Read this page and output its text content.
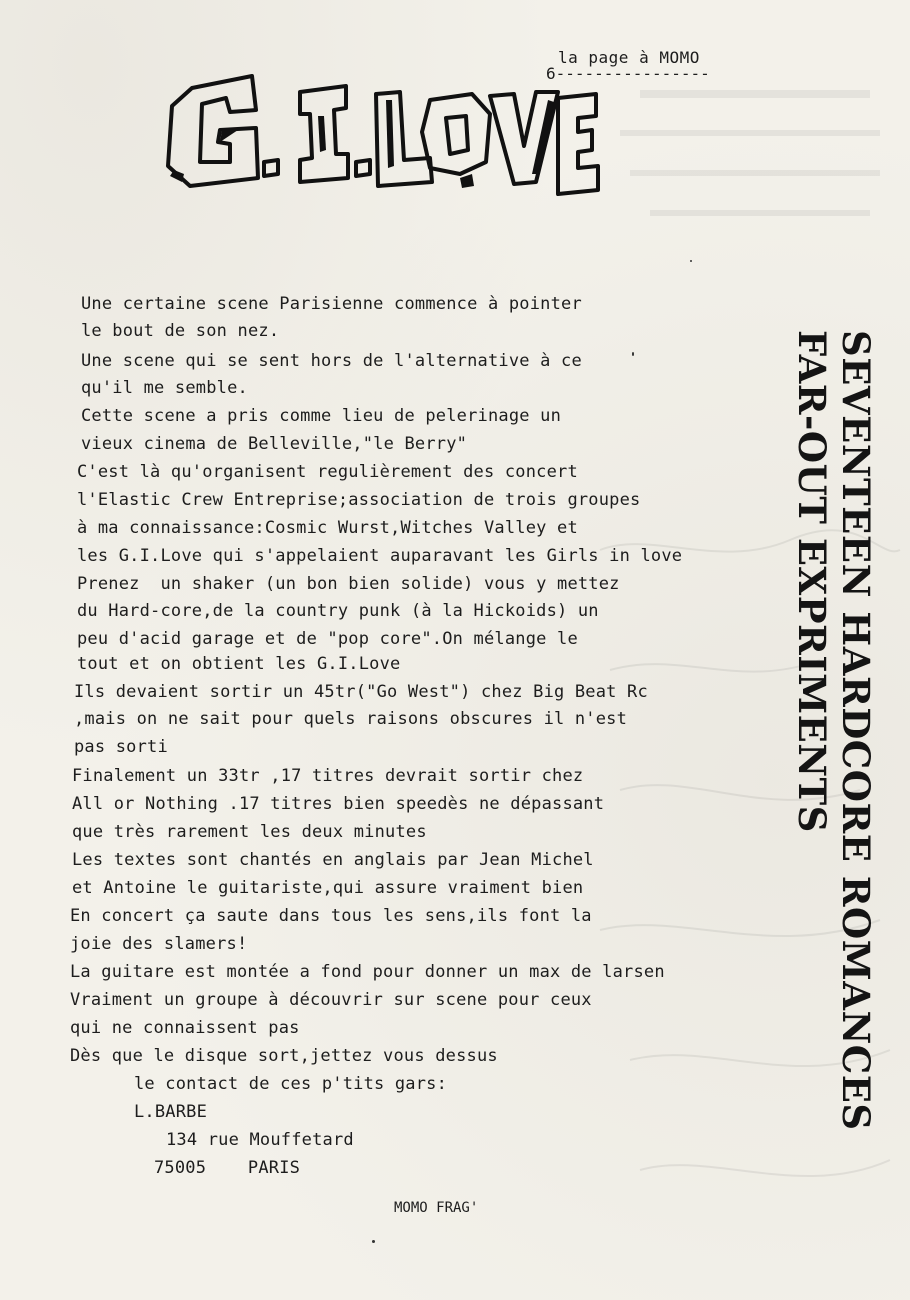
la page à MOMO
6----------------
Une certaine scene Parisienne commence à pointer
le bout de son nez.
Une scene qui se sent hors de l'alternative à ce
qu'il me semble.
Cette scene a pris comme lieu de pelerinage un
vieux cinema de Belleville,"le Berry"
C'est là qu'organisent regulièrement des concert
l'Elastic Crew Entreprise;association de trois groupes
à ma connaissance:Cosmic Wurst,Witches Valley et
les G.I.Love qui s'appelaient auparavant les Girls in love
Prenez  un shaker (un bon bien solide) vous y mettez
du Hard-core,de la country punk (à la Hickoids) un
peu d'acid garage et de "pop core".On mélange le
tout et on obtient les G.I.Love
Ils devaient sortir un 45tr("Go West") chez Big Beat Rc
,mais on ne sait pour quels raisons obscures il n'est
pas sorti
Finalement un 33tr ,17 titres devrait sortir chez
All or Nothing .17 titres bien speedès ne dépassant
que très rarement les deux minutes
Les textes sont chantés en anglais par Jean Michel
et Antoine le guitariste,qui assure vraiment bien
En concert ça saute dans tous les sens,ils font la
joie des slamers!
La guitare est montée a fond pour donner un max de larsen
Vraiment un groupe à découvrir sur scene pour ceux
qui ne connaissent pas
Dès que le disque sort,jettez vous dessus
le contact de ces p'tits gars:
L.BARBE
134 rue Mouffetard
75005    PARIS
SEVENTEEN HARDCORE ROMANCES
FAR-OUT EXPRIMENTS
MOMO FRAG'
